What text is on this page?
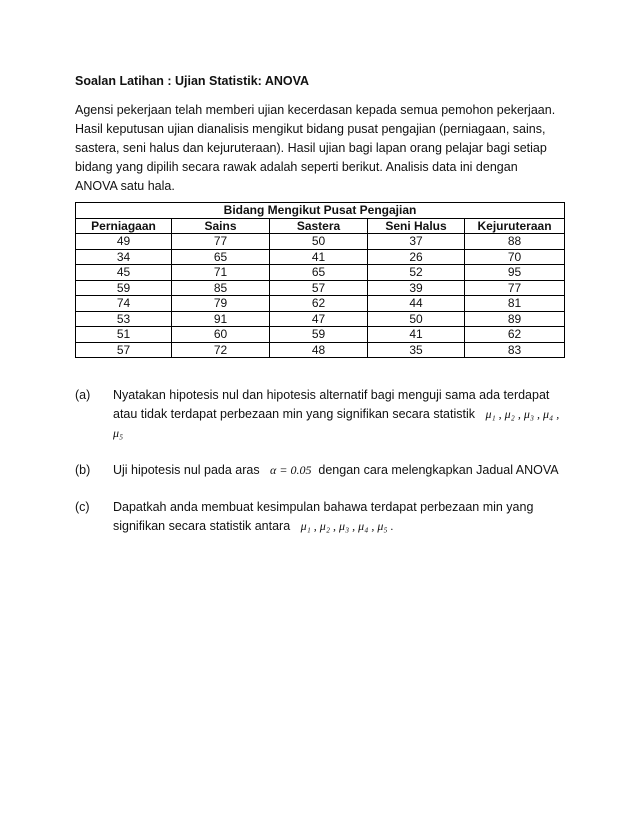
Soalan Latihan : Ujian Statistik: ANOVA

Agensi pekerjaan telah memberi ujian kecerdasan kepada semua pemohon pekerjaan.
Hasil keputusan ujian dianalisis mengikut bidang pusat pengajian (perniagaan, sains,
sastera, seni halus dan kejuruteraan). Hasil ujian bagi lapan orang pelajar bagi setiap
bidang yang dipilih secara rawak adalah seperti berikut. Analisis data ini dengan
ANOVA satu hala.

Bidang Mengikut Pusat Pengajian				
Perniagaan	Sains	Sastera	Seni Halus	Kejuruteraan
49	77	50	37	88
34	65	41	26	70
45	71	65	52	95
59	85	57	39	77
74	79	62	44	81
53	91	47	50	89
51	60	59	41	62
57	72	48	35	83
(a) Nyatakan hipotesis nul dan hipotesis alternatif bagi menguji sama ada terdapat
atau tidak terdapat perbezaan min yang signifikan secara statistik μ₁ , μ₂ , μ₃ , μ₄ , μ₅
(b) Uji hipotesis nul pada aras α = 0.05 dengan cara melengkapkan Jadual ANOVA
(c) Dapatkah anda membuat kesimpulan bahawa terdapat perbezaan min yang
signifikan secara statistik antara μ₁ , μ₂ , μ₃ , μ₄ , μ₅ .
